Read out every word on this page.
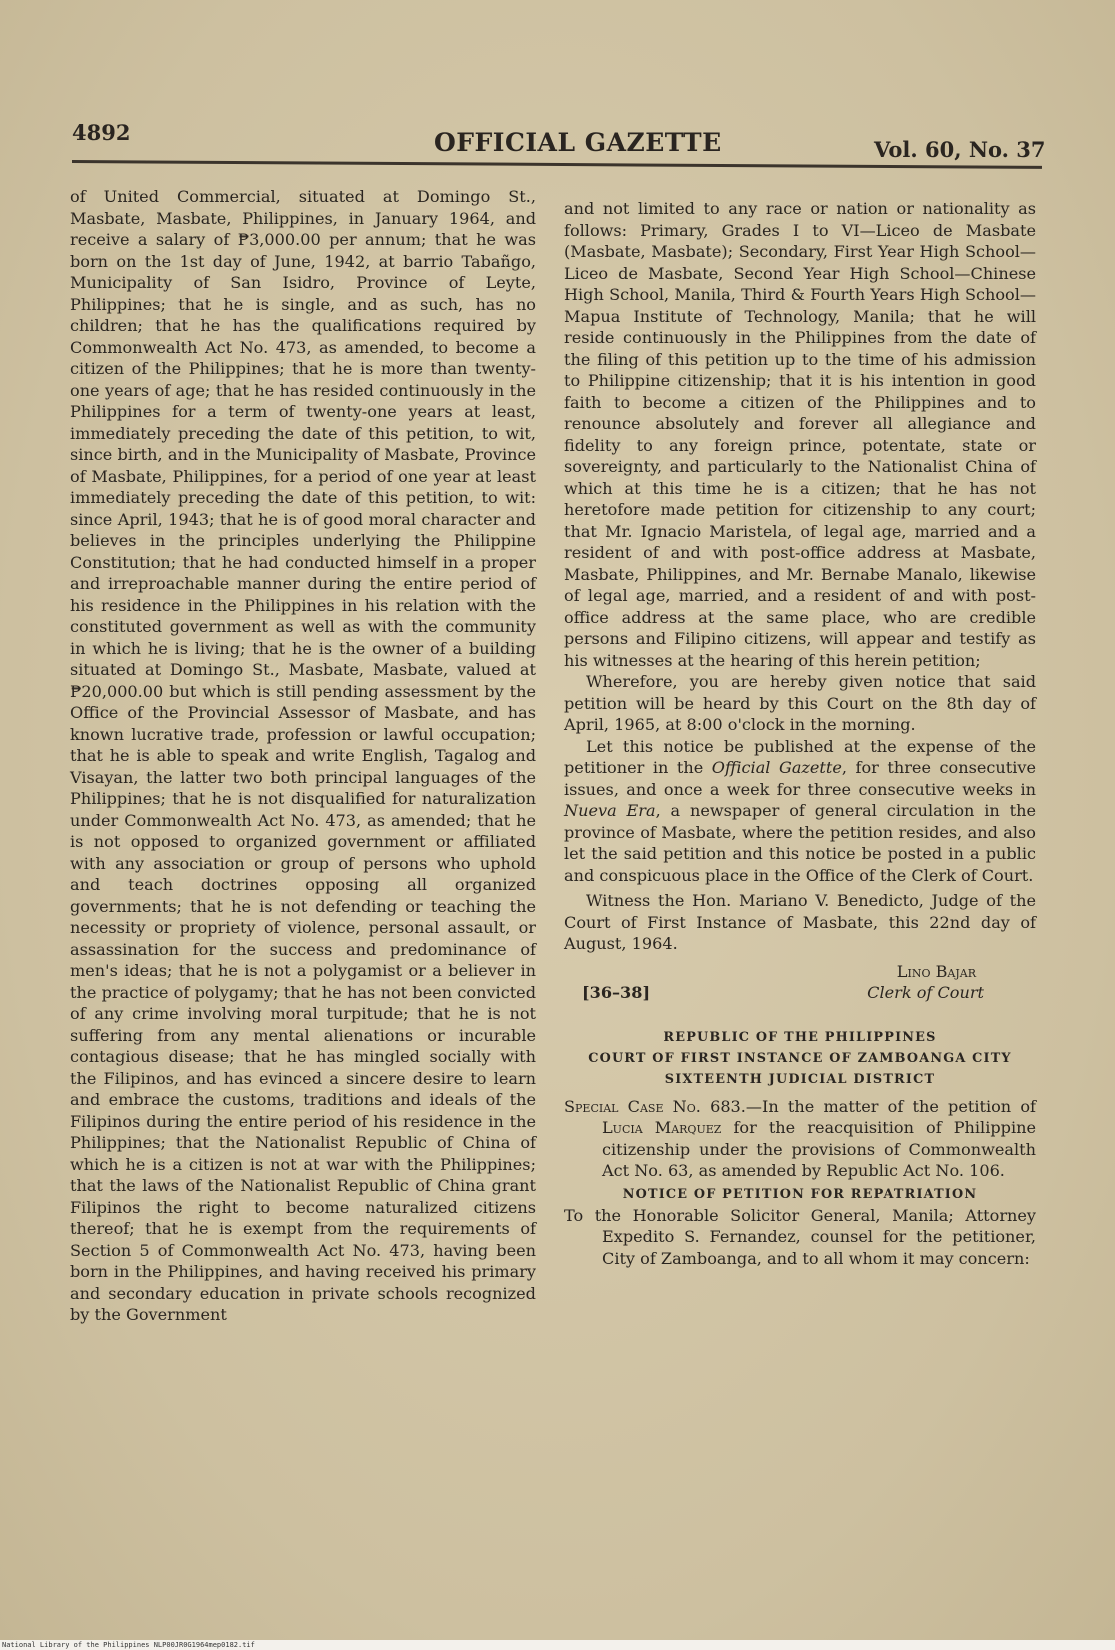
4892	OFFICIAL GAZETTE	Vol. 60, No. 37

of United Commercial, situated at Domingo St., Masbate, Masbate, Philippines, in January 1964, and receive a salary of ₱3,000.00 per annum; that he was born on the 1st day of June, 1942, at barrio Tabañgo, Municipality of San Isidro, Province of Leyte, Philippines; that he is single, and as such, has no children; that he has the qualifications required by Commonwealth Act No. 473, as amended, to become a citizen of the Philippines; that he is more than twenty-one years of age; that he has resided continuously in the Philippines for a term of twenty-one years at least, immediately preceding the date of this petition, to wit, since birth, and in the Municipality of Masbate, Province of Masbate, Philippines, for a period of one year at least immediately preceding the date of this petition, to wit: since April, 1943; that he is of good moral character and believes in the principles underlying the Philippine Constitution; that he had conducted himself in a proper and irreproachable manner during the entire period of his residence in the Philippines in his relation with the constituted government as well as with the community in which he is living; that he is the owner of a building situated at Domingo St., Masbate, Masbate, valued at ₱20,000.00 but which is still pending assessment by the Office of the Provincial Assessor of Masbate, and has known lucrative trade, profession or lawful occupation; that he is able to speak and write English, Tagalog and Visayan, the latter two both principal languages of the Philippines; that he is not disqualified for naturalization under Commonwealth Act No. 473, as amended; that he is not opposed to organized government or affiliated with any association or group of persons who uphold and teach doctrines opposing all organized governments; that he is not defending or teaching the necessity or propriety of violence, personal assault, or assassination for the success and predominance of men's ideas; that he is not a polygamist or a believer in the practice of polygamy; that he has not been convicted of any crime involving moral turpitude; that he is not suffering from any mental alienations or incurable contagious disease; that he has mingled socially with the Filipinos, and has evinced a sincere desire to learn and embrace the customs, traditions and ideals of the Filipinos during the entire period of his residence in the Philippines; that the Nationalist Republic of China of which he is a citizen is not at war with the Philippines; that the laws of the Nationalist Republic of China grant Filipinos the right to become naturalized citizens thereof; that he is exempt from the requirements of Section 5 of Commonwealth Act No. 473, having been born in the Philippines, and having received his primary and secondary education in private schools recognized by the Government

and not limited to any race or nation or nationality as follows: Primary, Grades I to VI—Liceo de Masbate (Masbate, Masbate); Secondary, First Year High School—Liceo de Masbate, Second Year High School—Chinese High School, Manila, Third & Fourth Years High School—Mapua Institute of Technology, Manila; that he will reside continuously in the Philippines from the date of the filing of this petition up to the time of his admission to Philippine citizenship; that it is his intention in good faith to become a citizen of the Philippines and to renounce absolutely and forever all allegiance and fidelity to any foreign prince, potentate, state or sovereignty, and particularly to the Nationalist China of which at this time he is a citizen; that he has not heretofore made petition for citizenship to any court; that Mr. Ignacio Maristela, of legal age, married and a resident of and with post-office address at Masbate, Masbate, Philippines, and Mr. Bernabe Manalo, likewise of legal age, married, and a resident of and with post-office address at the same place, who are credible persons and Filipino citizens, will appear and testify as his witnesses at the hearing of this herein petition;

Wherefore, you are hereby given notice that said petition will be heard by this Court on the 8th day of April, 1965, at 8:00 o'clock in the morning.

Let this notice be published at the expense of the petitioner in the Official Gazette, for three consecutive issues, and once a week for three consecutive weeks in Nueva Era, a newspaper of general circulation in the province of Masbate, where the petition resides, and also let the said petition and this notice be posted in a public and conspicuous place in the Office of the Clerk of Court.

Witness the Hon. Mariano V. Benedicto, Judge of the Court of First Instance of Masbate, this 22nd day of August, 1964.

Lino Bajar
Clerk of Court
[36–38]

REPUBLIC OF THE PHILIPPINES

COURT OF FIRST INSTANCE OF ZAMBOANGA CITY

SIXTEENTH JUDICIAL DISTRICT

Special Case No. 683.—In the matter of the petition of Lucia Marquez for the reacquisition of Philippine citizenship under the provisions of Commonwealth Act No. 63, as amended by Republic Act No. 106.

NOTICE OF PETITION FOR REPATRIATION

To the Honorable Solicitor General, Manila; Attorney Expedito S. Fernandez, counsel for the petitioner, City of Zamboanga, and to all whom it may concern:

National Library of the Philippines NLP00JR0G1964mep0182.tif
